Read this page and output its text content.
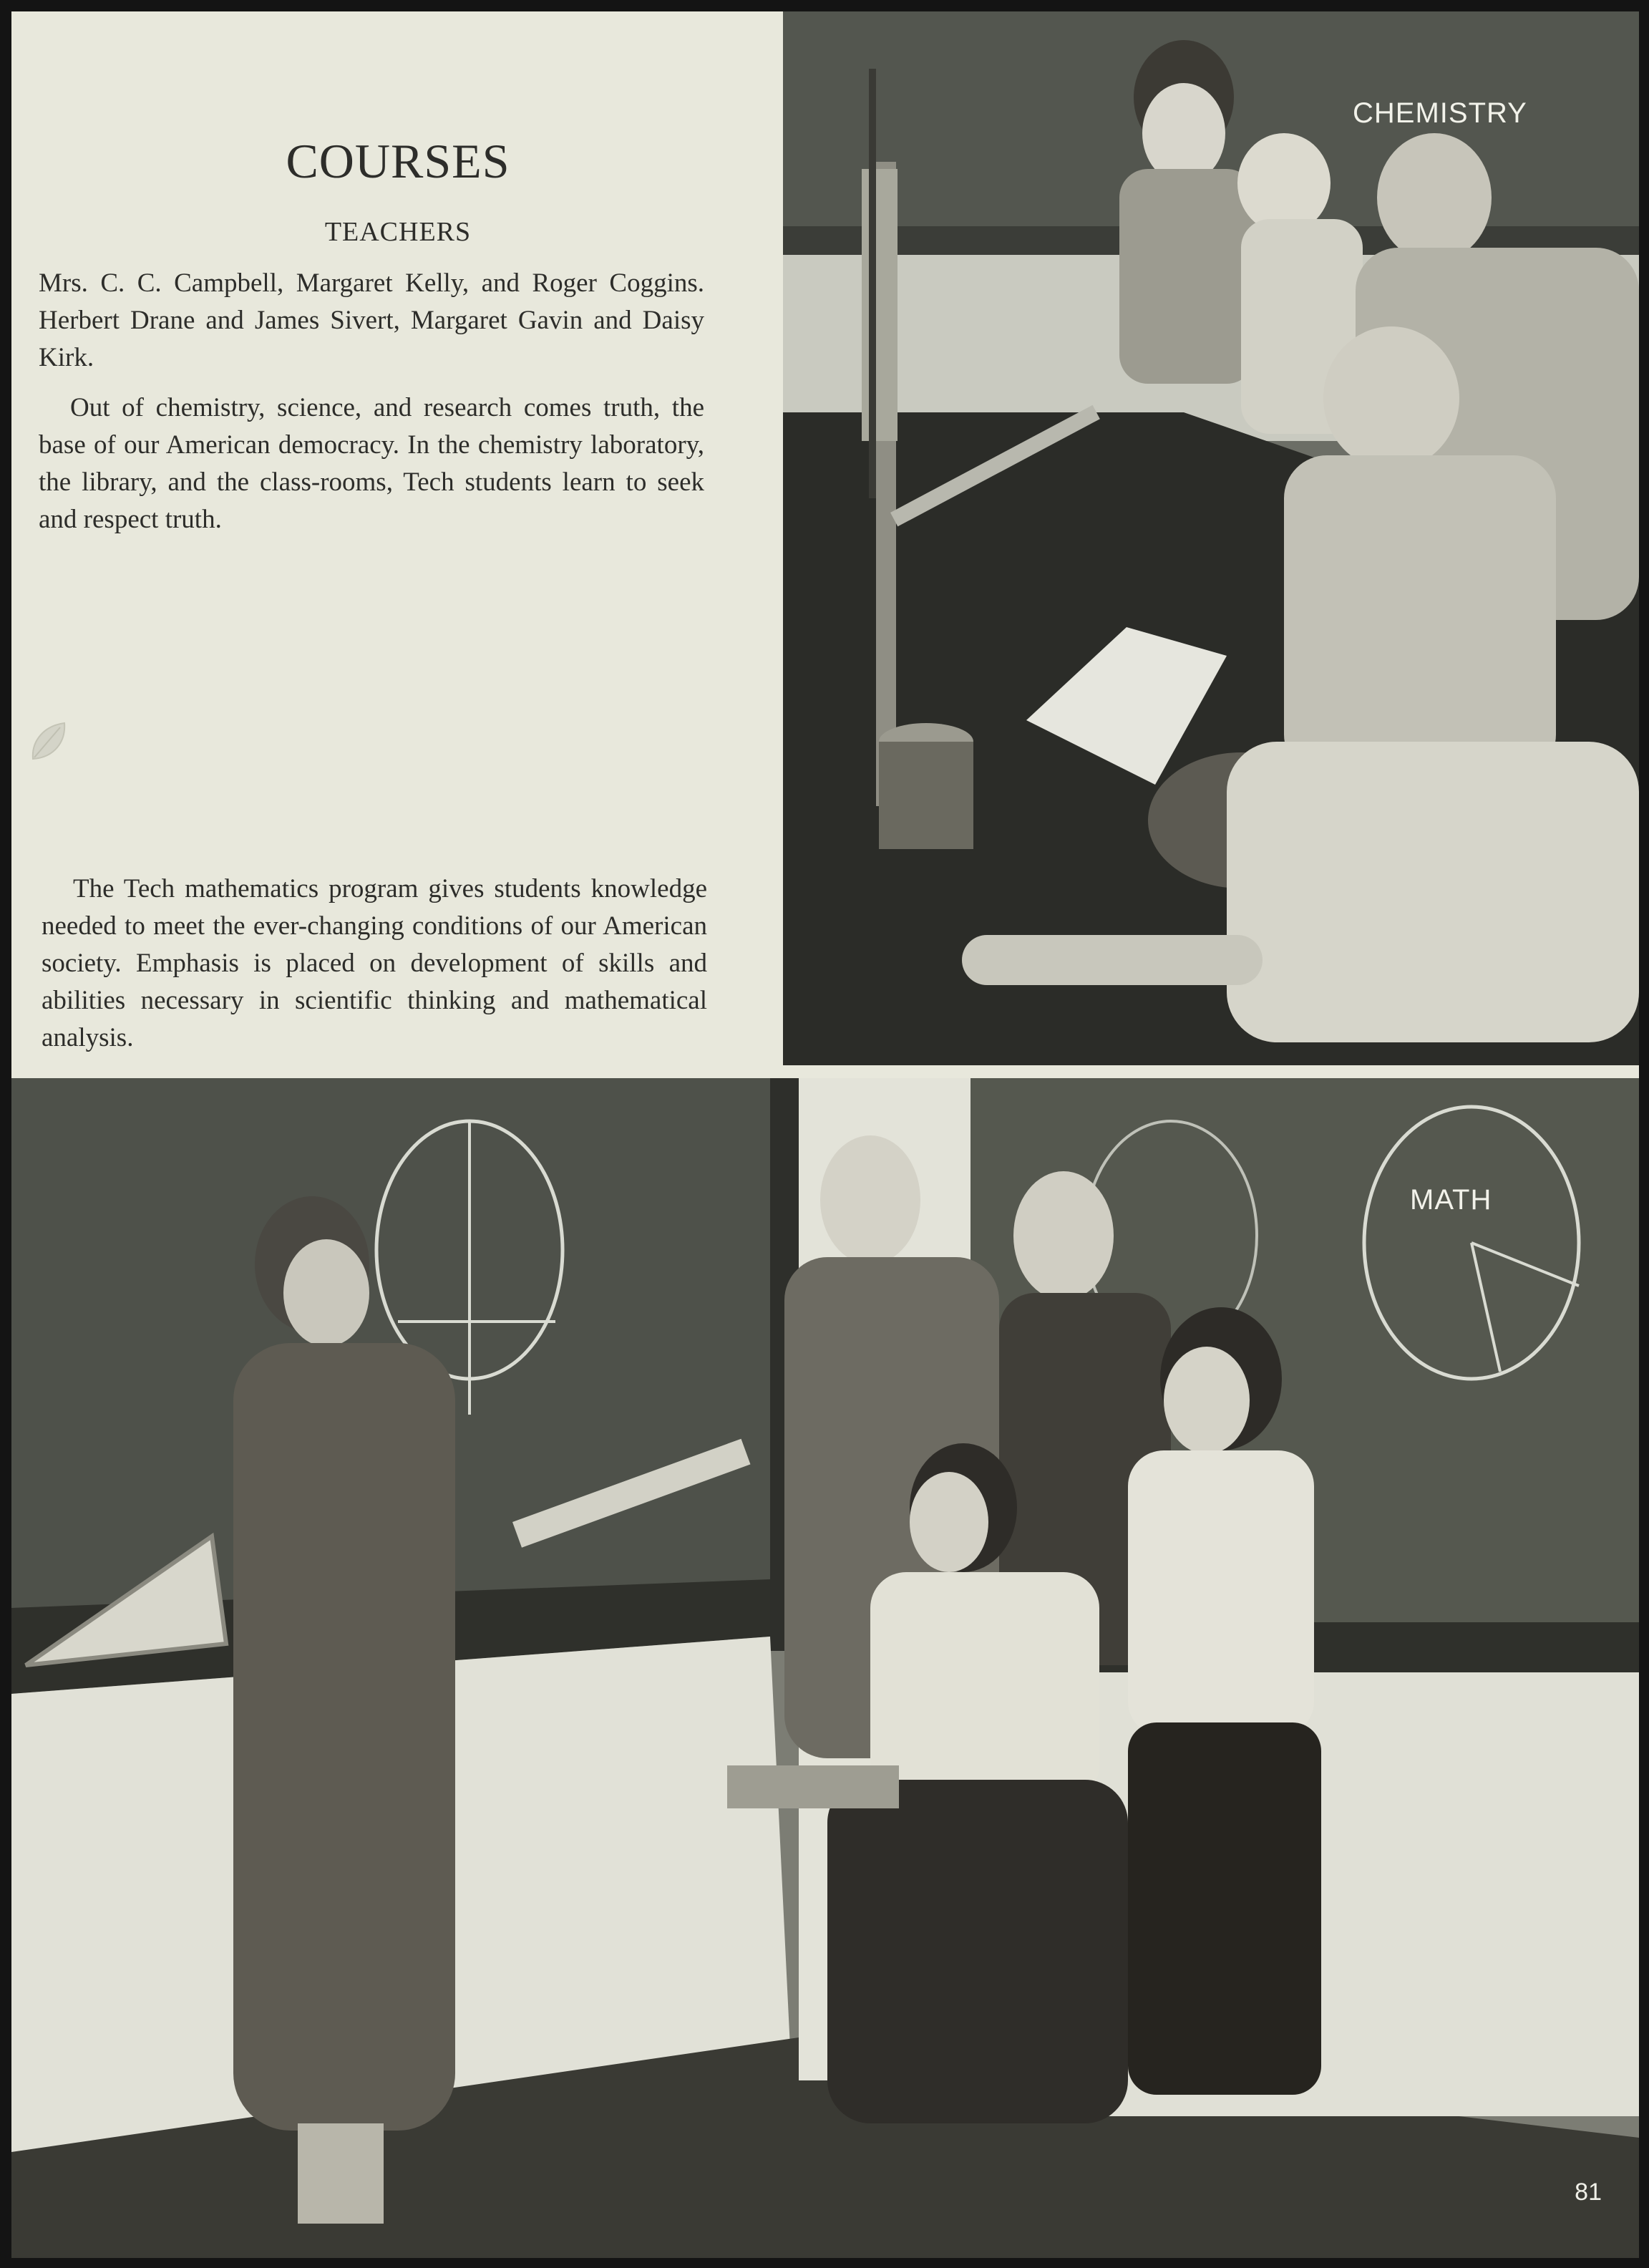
COURSES
TEACHERS

Mrs. C. C. Campbell, Margaret Kelly, and Roger Coggins. Herbert Drane and James Sivert, Margaret Gavin and Daisy Kirk.

Out of chemistry, science, and research comes truth, the base of our American democracy. In the chemistry laboratory, the library, and the class-rooms, Tech students learn to seek and respect truth.

The Tech mathematics program gives students knowledge needed to meet the ever-changing conditions of our American society. Emphasis is placed on development of skills and abilities necessary in scientific thinking and mathematical analysis.

CHEMISTRY
MATH
81
